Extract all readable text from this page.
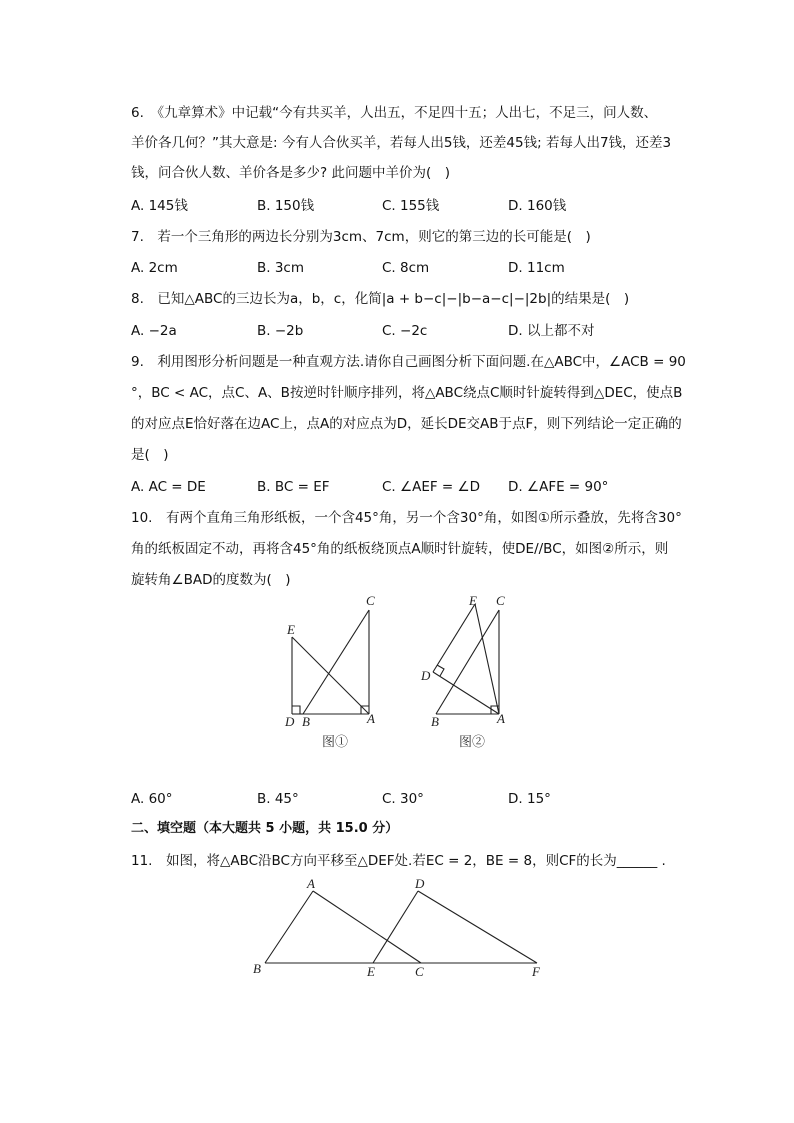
6.　《九章算术》中记载“今有共买羊，人出五，不足四十五；人出七，不足三，问人数、
羊价各几何？”其大意是: 今有人合伙买羊，若每人出5钱，还差45钱; 若每人出7钱，还差3
钱，问合伙人数、羊价各是多少? 此问题中羊价为(　)
A. 145钱	B. 150钱	C. 155钱	D. 160钱
7.　若一个三角形的两边长分别为3cm、7cm，则它的第三边的长可能是(　)
A. 2cm	B. 3cm	C. 8cm	D. 11cm
8.　已知△ABC的三边长为a，b，c，化简|a + b−c|−|b−a−c|−|2b|的结果是(　)
A. −2a	B. −2b	C. −2c	D. 以上都不对
9.　利用图形分析问题是一种直观方法.请你自己画图分析下面问题.在△ABC中，∠ACB = 90
°，BC < AC，点C、A、B按逆时针顺序排列，将△ABC绕点C顺时针旋转得到△DEC，使点B
的对应点E恰好落在边AC上，点A的对应点为D，延长DE交AB于点F，则下列结论一定正确的
是(　)
A. AC = DE	B. BC = EF	C. ∠AEF = ∠D D. ∠AFE = 90°
10.　有两个直角三角形纸板，一个含45°角，另一个含30°角，如图①所示叠放，先将含30°
角的纸板固定不动，再将含45°角的纸板绕顶点A顺时针旋转，使DE//BC，如图②所示，则
旋转角∠BAD的度数为(　)
C
E
D B	A
图①
E C
D
B	A
图②
A. 60°	B. 45°	C. 30°	D. 15°
二、填空题（本大题共 5 小题，共 15.0 分）
11.　如图，将△ABC沿BC方向平移至△DEF处.若EC = 2，BE = 8，则CF的长为______ .
A	D
B	E	C	F
